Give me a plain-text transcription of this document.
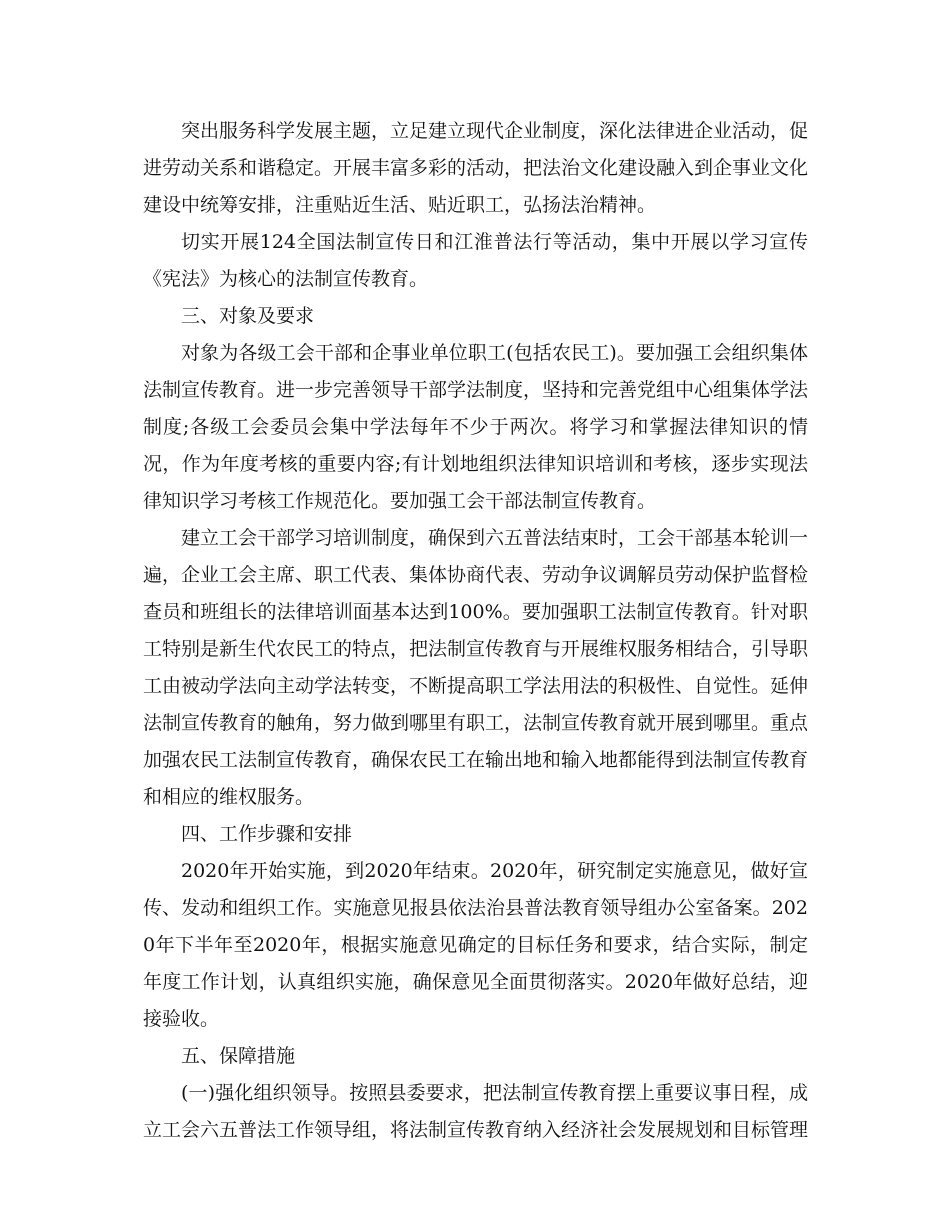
突出服务科学发展主题，立足建立现代企业制度，深化法律进企业活动，促进劳动关系和谐稳定。开展丰富多彩的活动，把法治文化建设融入到企事业文化建设中统筹安排，注重贴近生活、贴近职工，弘扬法治精神。

切实开展124全国法制宣传日和江淮普法行等活动，集中开展以学习宣传《宪法》为核心的法制宣传教育。

三、对象及要求

对象为各级工会干部和企事业单位职工(包括农民工)。要加强工会组织集体法制宣传教育。进一步完善领导干部学法制度，坚持和完善党组中心组集体学法制度;各级工会委员会集中学法每年不少于两次。将学习和掌握法律知识的情况，作为年度考核的重要内容;有计划地组织法律知识培训和考核，逐步实现法律知识学习考核工作规范化。要加强工会干部法制宣传教育。

建立工会干部学习培训制度，确保到六五普法结束时，工会干部基本轮训一遍，企业工会主席、职工代表、集体协商代表、劳动争议调解员劳动保护监督检查员和班组长的法律培训面基本达到100%。要加强职工法制宣传教育。针对职工特别是新生代农民工的特点，把法制宣传教育与开展维权服务相结合，引导职工由被动学法向主动学法转变，不断提高职工学法用法的积极性、自觉性。延伸法制宣传教育的触角，努力做到哪里有职工，法制宣传教育就开展到哪里。重点加强农民工法制宣传教育，确保农民工在输出地和输入地都能得到法制宣传教育和相应的维权服务。

四、工作步骤和安排

2020年开始实施，到2020年结束。2020年，研究制定实施意见，做好宣传、发动和组织工作。实施意见报县依法治县普法教育领导组办公室备案。2020年下半年至2020年，根据实施意见确定的目标任务和要求，结合实际，制定年度工作计划，认真组织实施，确保意见全面贯彻落实。2020年做好总结，迎接验收。

五、保障措施

(一)强化组织领导。按照县委要求，把法制宣传教育摆上重要议事日程，成立工会六五普法工作领导组，将法制宣传教育纳入经济社会发展规划和目标管理
